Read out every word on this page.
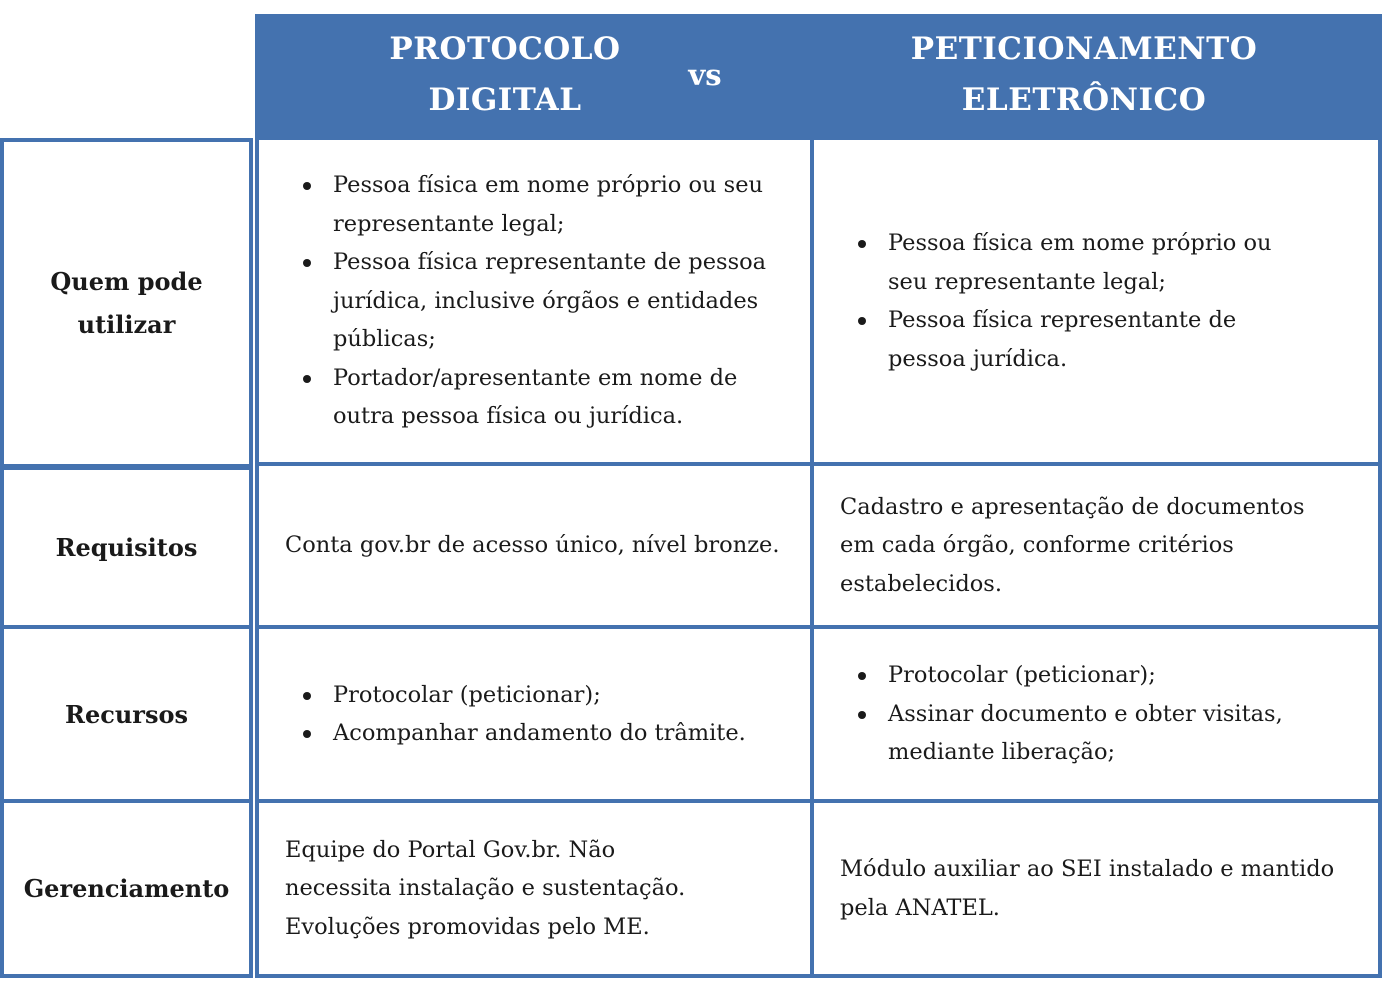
PROTOCOLO
DIGITAL
vs
PETICIONAMENTO
ELETRÔNICO
Quem pode
utilizar
Pessoa física em nome próprio ou seu representante legal;
Pessoa física representante de pessoa jurídica, inclusive órgãos e entidades públicas;
Portador/apresentante em nome de outra pessoa física ou jurídica.
Pessoa física em nome próprio ou seu representante legal;
Pessoa física representante de pessoa jurídica.
Requisitos	Conta gov.br de acesso único, nível bronze.
Cadastro e apresentação de documentos em cada órgão, conforme critérios estabelecidos.
Recursos
Protocolar (peticionar);
Acompanhar andamento do trâmite.
Protocolar (peticionar);
Assinar documento e obter visitas, mediante liberação;
Gerenciamento
Equipe do Portal Gov.br. Não necessita instalação e sustentação. Evoluções promovidas pelo ME.
Módulo auxiliar ao SEI instalado e mantido pela ANATEL.
